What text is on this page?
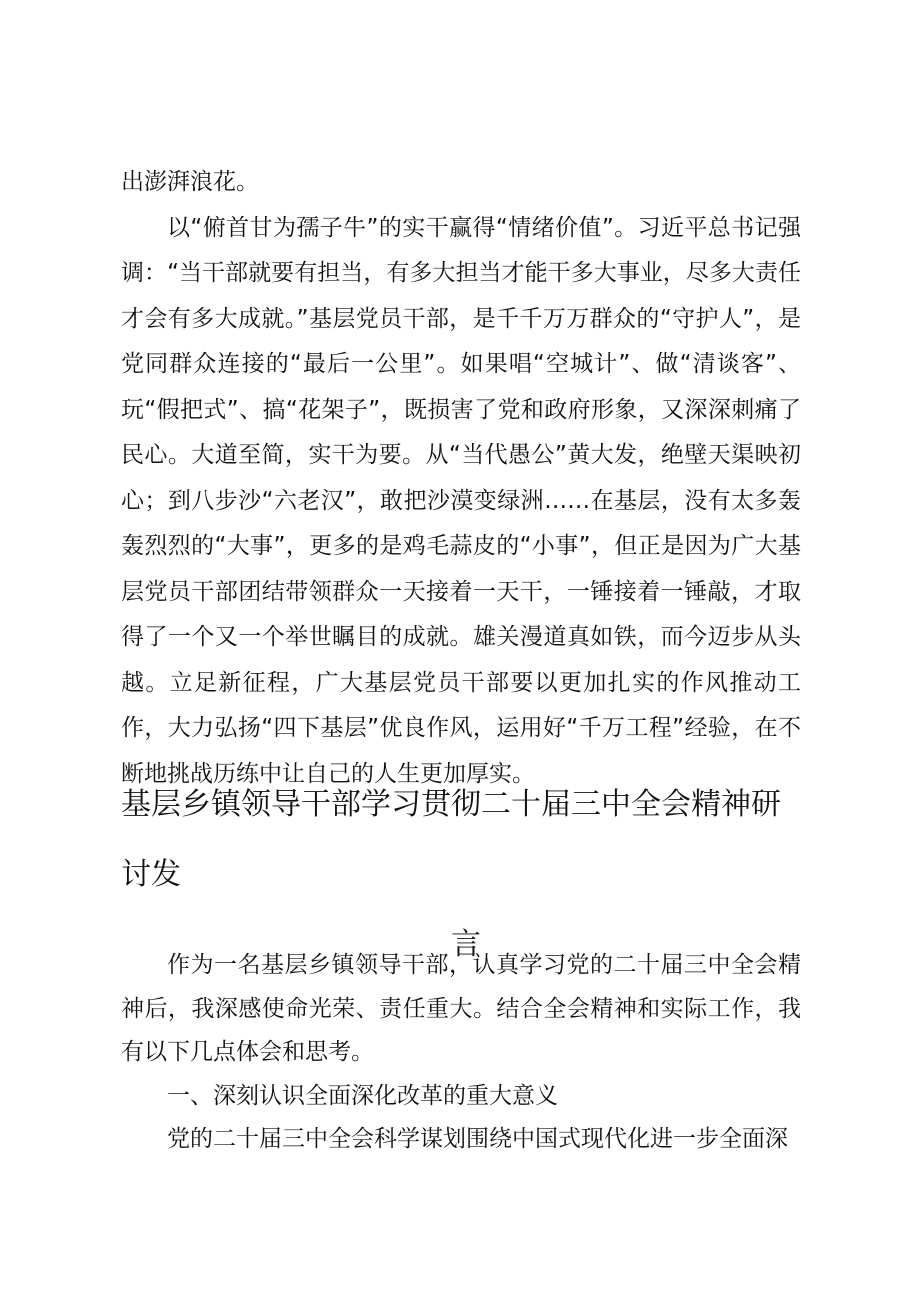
出澎湃浪花。

以“俯首甘为孺子牛”的实干赢得“情绪价值”。习近平总书记强调：“当干部就要有担当，有多大担当才能干多大事业，尽多大责任才会有多大成就。”基层党员干部，是千千万万群众的“守护人”，是党同群众连接的“最后一公里”。如果唱“空城计”、做“清谈客”、玩“假把式”、搞“花架子”，既损害了党和政府形象，又深深刺痛了民心。大道至简，实干为要。从“当代愚公”黄大发，绝壁天渠映初心；到八步沙“六老汉”，敢把沙漠变绿洲……在基层，没有太多轰轰烈烈的“大事”，更多的是鸡毛蒜皮的“小事”，但正是因为广大基层党员干部团结带领群众一天接着一天干，一锤接着一锤敲，才取得了一个又一个举世瞩目的成就。雄关漫道真如铁，而今迈步从头越。立足新征程，广大基层党员干部要以更加扎实的作风推动工作，大力弘扬“四下基层”优良作风，运用好“千万工程”经验，在不断地挑战历练中让自己的人生更加厚实。

基层乡镇领导干部学习贯彻二十届三中全会精神研讨发
言

作为一名基层乡镇领导干部，认真学习党的二十届三中全会精神后，我深感使命光荣、责任重大。结合全会精神和实际工作，我有以下几点体会和思考。

一、深刻认识全面深化改革的重大意义

党的二十届三中全会科学谋划围绕中国式现代化进一步全面深
